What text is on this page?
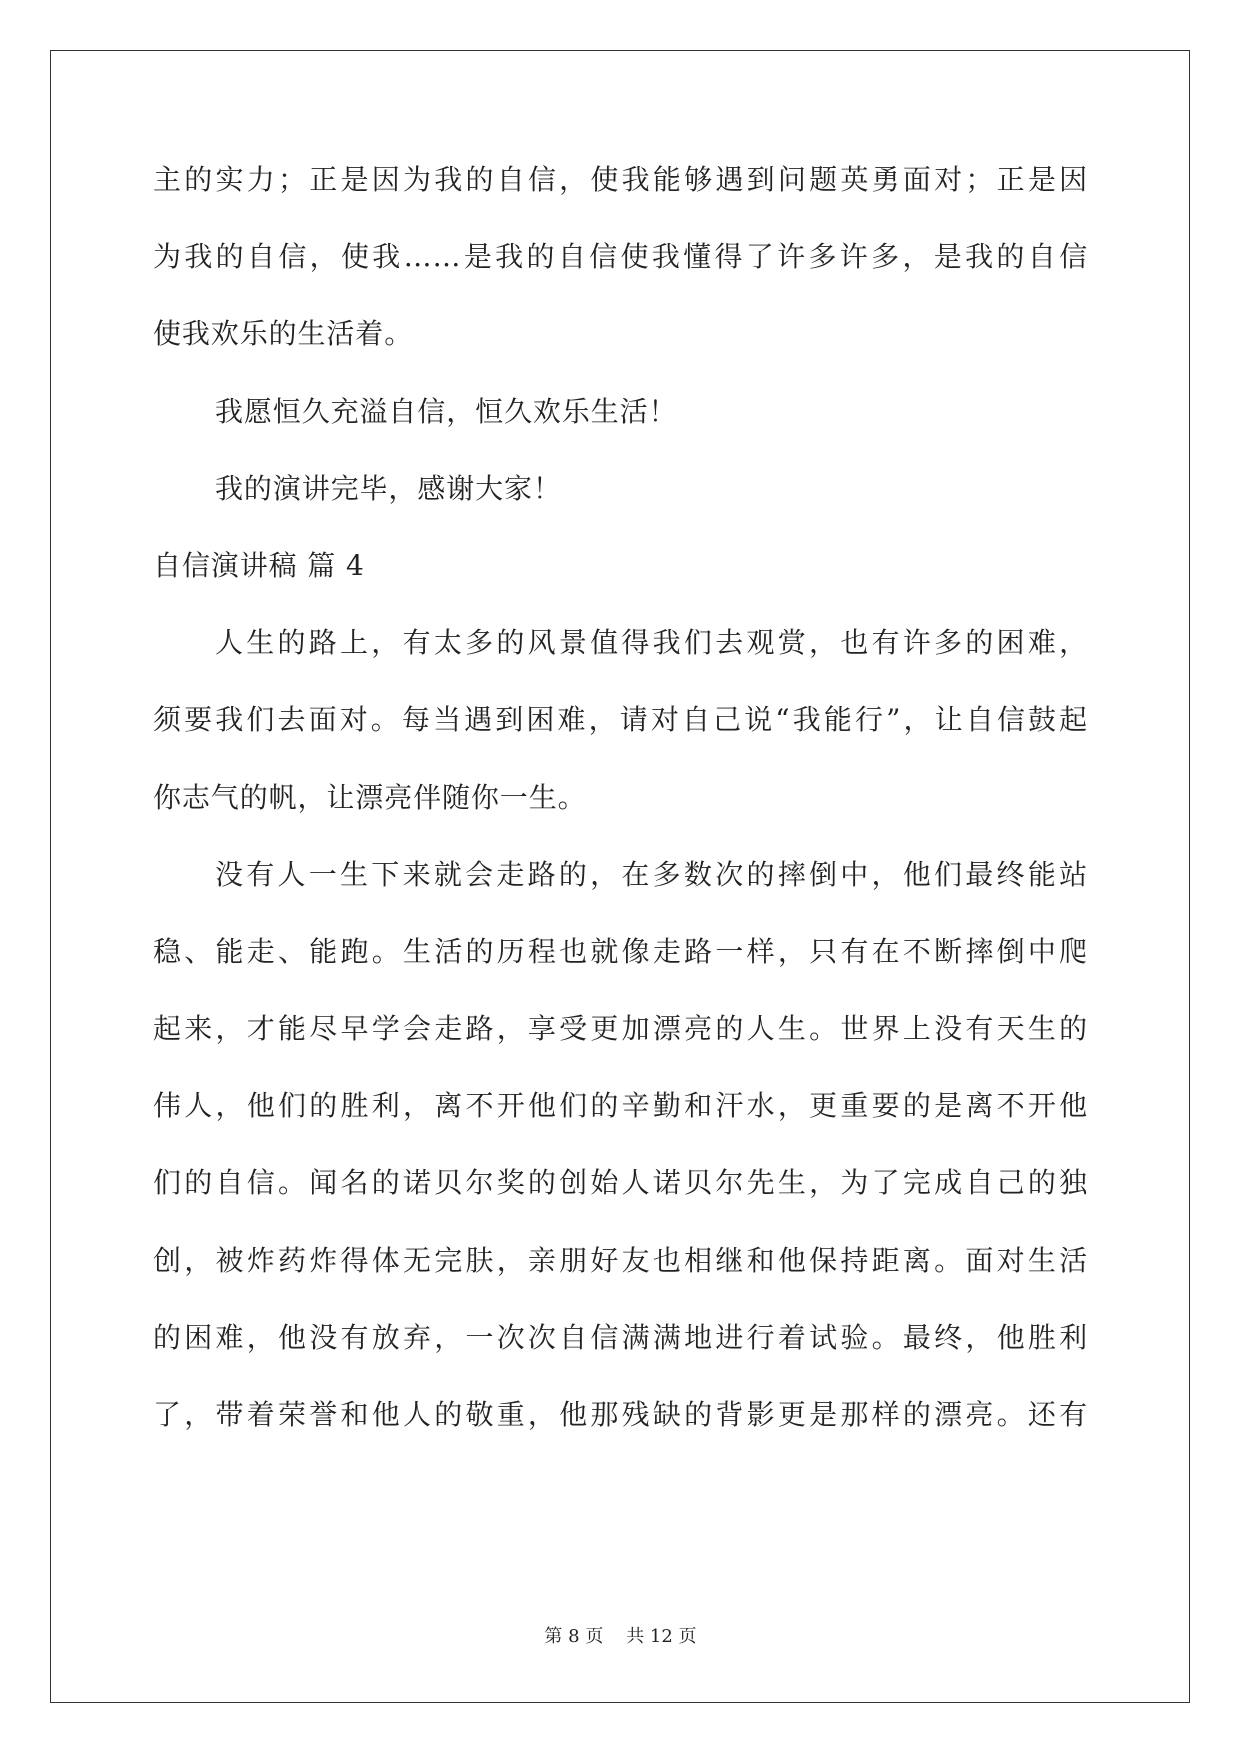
主的实力；正是因为我的自信，使我能够遇到问题英勇面对；正是因
为我的自信，使我……是我的自信使我懂得了许多许多，是我的自信
使我欢乐的生活着。
我愿恒久充溢自信，恒久欢乐生活！
我的演讲完毕，感谢大家！
自信演讲稿 篇 4
人生的路上，有太多的风景值得我们去观赏，也有许多的困难，
须要我们去面对。每当遇到困难，请对自己说“我能行”，让自信鼓起
你志气的帆，让漂亮伴随你一生。
没有人一生下来就会走路的，在多数次的摔倒中，他们最终能站
稳、能走、能跑。生活的历程也就像走路一样，只有在不断摔倒中爬
起来，才能尽早学会走路，享受更加漂亮的人生。世界上没有天生的
伟人，他们的胜利，离不开他们的辛勤和汗水，更重要的是离不开他
们的自信。闻名的诺贝尔奖的创始人诺贝尔先生，为了完成自己的独
创，被炸药炸得体无完肤，亲朋好友也相继和他保持距离。面对生活
的困难，他没有放弃，一次次自信满满地进行着试验。最终，他胜利
了，带着荣誉和他人的敬重，他那残缺的背影更是那样的漂亮。还有
第 8 页    共 12 页
